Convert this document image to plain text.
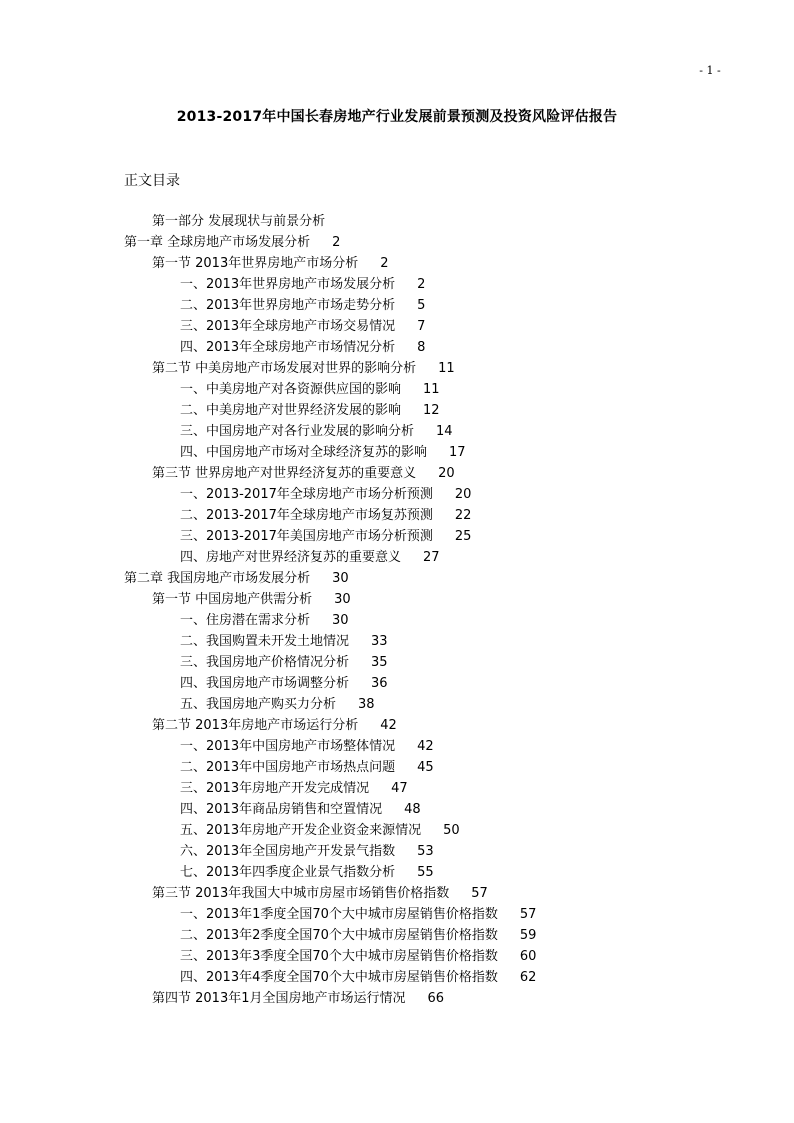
- 1 -
2013-2017年中国长春房地产行业发展前景预测及投资风险评估报告
正文目录
第一部分 发展现状与前景分析
第一章 全球房地产市场发展分析 2
第一节 2013年世界房地产市场分析 2
一、2013年世界房地产市场发展分析 2
二、2013年世界房地产市场走势分析 5
三、2013年全球房地产市场交易情况 7
四、2013年全球房地产市场情况分析 8
第二节 中美房地产市场发展对世界的影响分析 11
一、中美房地产对各资源供应国的影响 11
二、中美房地产对世界经济发展的影响 12
三、中国房地产对各行业发展的影响分析 14
四、中国房地产市场对全球经济复苏的影响 17
第三节 世界房地产对世界经济复苏的重要意义 20
一、2013-2017年全球房地产市场分析预测 20
二、2013-2017年全球房地产市场复苏预测 22
三、2013-2017年美国房地产市场分析预测 25
四、房地产对世界经济复苏的重要意义 27
第二章 我国房地产市场发展分析 30
第一节 中国房地产供需分析 30
一、住房潜在需求分析 30
二、我国购置未开发土地情况 33
三、我国房地产价格情况分析 35
四、我国房地产市场调整分析 36
五、我国房地产购买力分析 38
第二节 2013年房地产市场运行分析 42
一、2013年中国房地产市场整体情况 42
二、2013年中国房地产市场热点问题 45
三、2013年房地产开发完成情况 47
四、2013年商品房销售和空置情况 48
五、2013年房地产开发企业资金来源情况 50
六、2013年全国房地产开发景气指数 53
七、2013年四季度企业景气指数分析 55
第三节 2013年我国大中城市房屋市场销售价格指数 57
一、2013年1季度全国70个大中城市房屋销售价格指数 57
二、2013年2季度全国70个大中城市房屋销售价格指数 59
三、2013年3季度全国70个大中城市房屋销售价格指数 60
四、2013年4季度全国70个大中城市房屋销售价格指数 62
第四节 2013年1月全国房地产市场运行情况 66
